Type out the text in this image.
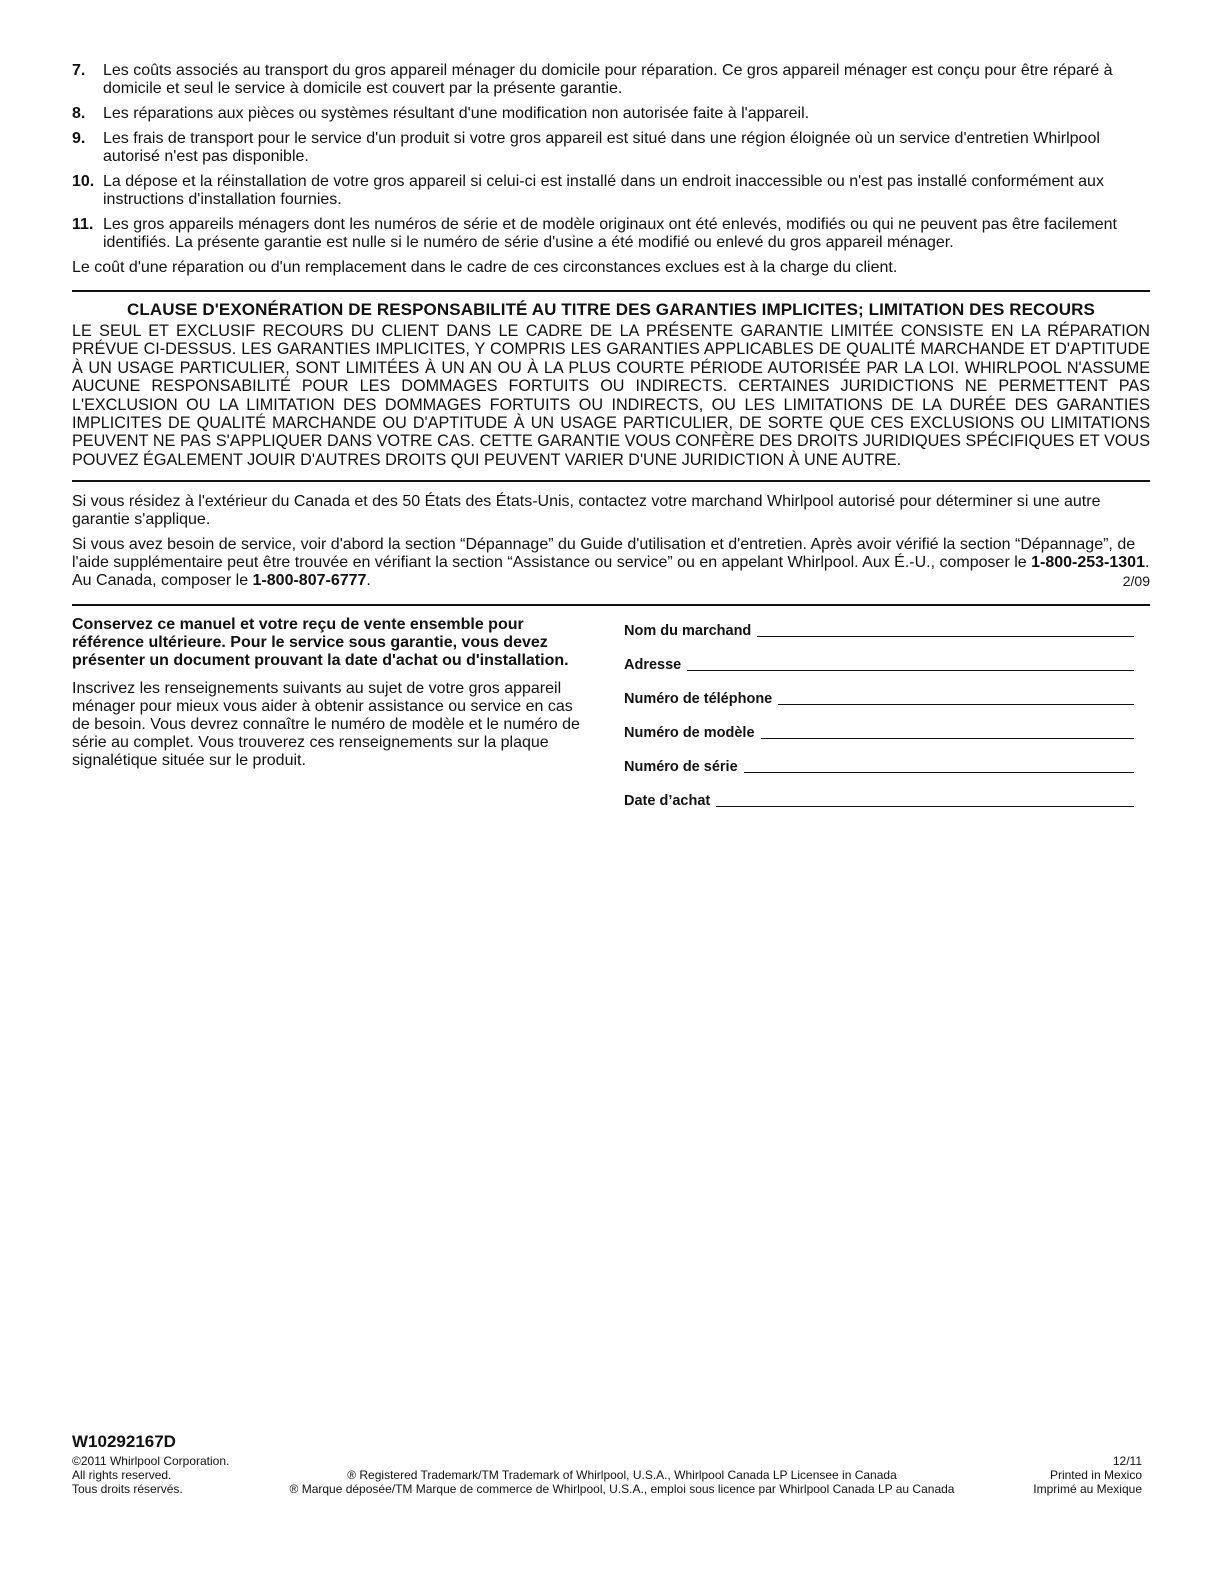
7. Les coûts associés au transport du gros appareil ménager du domicile pour réparation. Ce gros appareil ménager est conçu pour être réparé à domicile et seul le service à domicile est couvert par la présente garantie.
8. Les réparations aux pièces ou systèmes résultant d'une modification non autorisée faite à l'appareil.
9. Les frais de transport pour le service d'un produit si votre gros appareil est situé dans une région éloignée où un service d'entretien Whirlpool autorisé n'est pas disponible.
10. La dépose et la réinstallation de votre gros appareil si celui-ci est installé dans un endroit inaccessible ou n'est pas installé conformément aux instructions d'installation fournies.
11. Les gros appareils ménagers dont les numéros de série et de modèle originaux ont été enlevés, modifiés ou qui ne peuvent pas être facilement identifiés. La présente garantie est nulle si le numéro de série d'usine a été modifié ou enlevé du gros appareil ménager.

Le coût d'une réparation ou d'un remplacement dans le cadre de ces circonstances exclues est à la charge du client.

CLAUSE D'EXONÉRATION DE RESPONSABILITÉ AU TITRE DES GARANTIES IMPLICITES; LIMITATION DES RECOURS

LE SEUL ET EXCLUSIF RECOURS DU CLIENT DANS LE CADRE DE LA PRÉSENTE GARANTIE LIMITÉE CONSISTE EN LA RÉPARATION PRÉVUE CI-DESSUS. LES GARANTIES IMPLICITES, Y COMPRIS LES GARANTIES APPLICABLES DE QUALITÉ MARCHANDE ET D'APTITUDE À UN USAGE PARTICULIER, SONT LIMITÉES À UN AN OU À LA PLUS COURTE PÉRIODE AUTORISÉE PAR LA LOI. WHIRLPOOL N'ASSUME AUCUNE RESPONSABILITÉ POUR LES DOMMAGES FORTUITS OU INDIRECTS. CERTAINES JURIDICTIONS NE PERMETTENT PAS L'EXCLUSION OU LA LIMITATION DES DOMMAGES FORTUITS OU INDIRECTS, OU LES LIMITATIONS DE LA DURÉE DES GARANTIES IMPLICITES DE QUALITÉ MARCHANDE OU D'APTITUDE À UN USAGE PARTICULIER, DE SORTE QUE CES EXCLUSIONS OU LIMITATIONS PEUVENT NE PAS S'APPLIQUER DANS VOTRE CAS. CETTE GARANTIE VOUS CONFÈRE DES DROITS JURIDIQUES SPÉCIFIQUES ET VOUS POUVEZ ÉGALEMENT JOUIR D'AUTRES DROITS QUI PEUVENT VARIER D'UNE JURIDICTION À UNE AUTRE.

Si vous résidez à l'extérieur du Canada et des 50 États des États-Unis, contactez votre marchand Whirlpool autorisé pour déterminer si une autre garantie s'applique.

Si vous avez besoin de service, voir d'abord la section “Dépannage” du Guide d'utilisation et d'entretien. Après avoir vérifié la section “Dépannage”, de l'aide supplémentaire peut être trouvée en vérifiant la section “Assistance ou service” ou en appelant Whirlpool. Aux É.-U., composer le 1-800-253-1301. Au Canada, composer le 1-800-807-6777.	2/09

Conservez ce manuel et votre reçu de vente ensemble pour référence ultérieure. Pour le service sous garantie, vous devez présenter un document prouvant la date d'achat ou d'installation.

Inscrivez les renseignements suivants au sujet de votre gros appareil ménager pour mieux vous aider à obtenir assistance ou service en cas de besoin. Vous devrez connaître le numéro de modèle et le numéro de série au complet. Vous trouverez ces renseignements sur la plaque signalétique située sur le produit.

Nom du marchand
Adresse
Numéro de téléphone
Numéro de modèle
Numéro de série
Date d’achat
W10292167D
©2011 Whirlpool Corporation.	12/11
All rights reserved.	® Registered Trademark/TM Trademark of Whirlpool, U.S.A., Whirlpool Canada LP Licensee in Canada	Printed in Mexico
Tous droits réservés.	® Marque déposée/TM Marque de commerce de Whirlpool, U.S.A., emploi sous licence par Whirlpool Canada LP au Canada	Imprimé au Mexique
